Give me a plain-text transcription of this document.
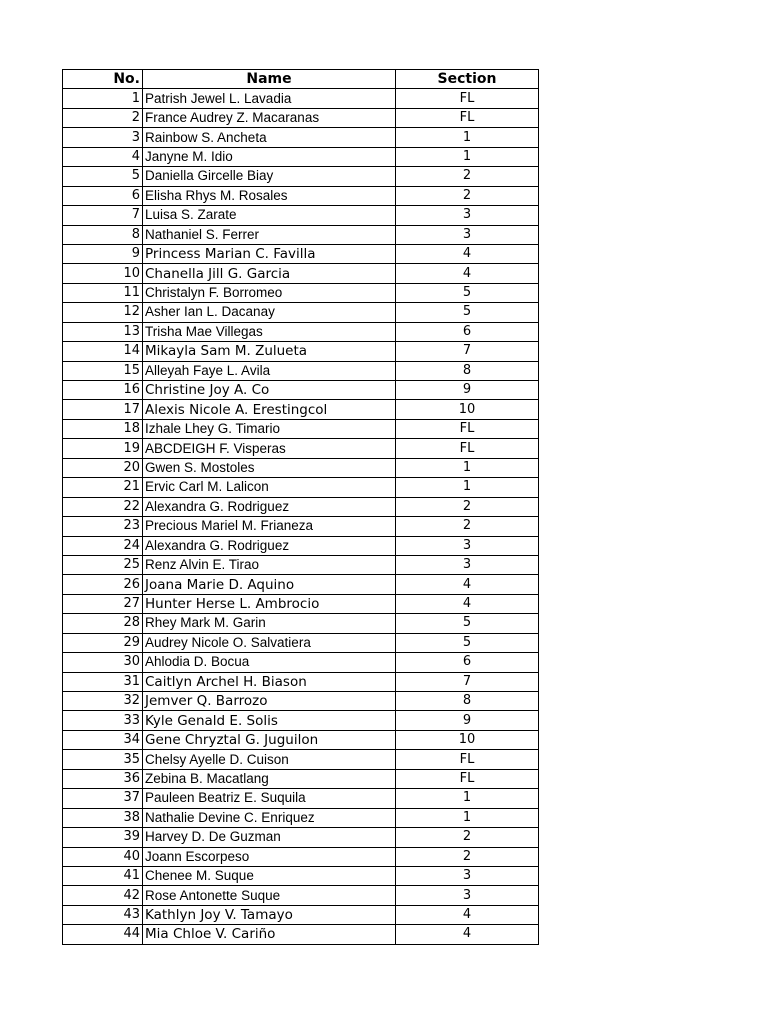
No.	Name	Section
1	Patrish Jewel L. Lavadia	FL
2	France Audrey Z. Macaranas	FL
3	Rainbow S. Ancheta	1
4	Janyne M. Idio	1
5	Daniella Gircelle Biay	2
6	Elisha Rhys M. Rosales	2
7	Luisa S. Zarate	3
8	Nathaniel S. Ferrer	3
9	Princess Marian C. Favilla	4
10	Chanella Jill G. Garcia	4
11	Christalyn F. Borromeo	5
12	Asher Ian L. Dacanay	5
13	Trisha Mae Villegas	6
14	Mikayla Sam M. Zulueta	7
15	Alleyah Faye L. Avila	8
16	Christine Joy A. Co	9
17	Alexis Nicole A. Erestingcol	10
18	Izhale Lhey G. Timario	FL
19	ABCDEIGH F. Visperas	FL
20	Gwen S. Mostoles	1
21	Ervic Carl M. Lalicon	1
22	Alexandra G. Rodriguez	2
23	Precious Mariel M. Frianeza	2
24	Alexandra G. Rodriguez	3
25	Renz Alvin E. Tirao	3
26	Joana Marie D. Aquino	4
27	Hunter Herse L. Ambrocio	4
28	Rhey Mark M. Garin	5
29	Audrey Nicole O. Salvatiera	5
30	Ahlodia D. Bocua	6
31	Caitlyn Archel H. Biason	7
32	Jemver Q. Barrozo	8
33	Kyle Genald E. Solis	9
34	Gene Chryztal G. Juguilon	10
35	Chelsy Ayelle D. Cuison	FL
36	Zebina B. Macatlang	FL
37	Pauleen Beatriz E. Suquila	1
38	Nathalie Devine C. Enriquez	1
39	Harvey D. De Guzman	2
40	Joann Escorpeso	2
41	Chenee M. Suque	3
42	Rose Antonette Suque	3
43	Kathlyn Joy V. Tamayo	4
44	Mia Chloe V. Cariño	4
